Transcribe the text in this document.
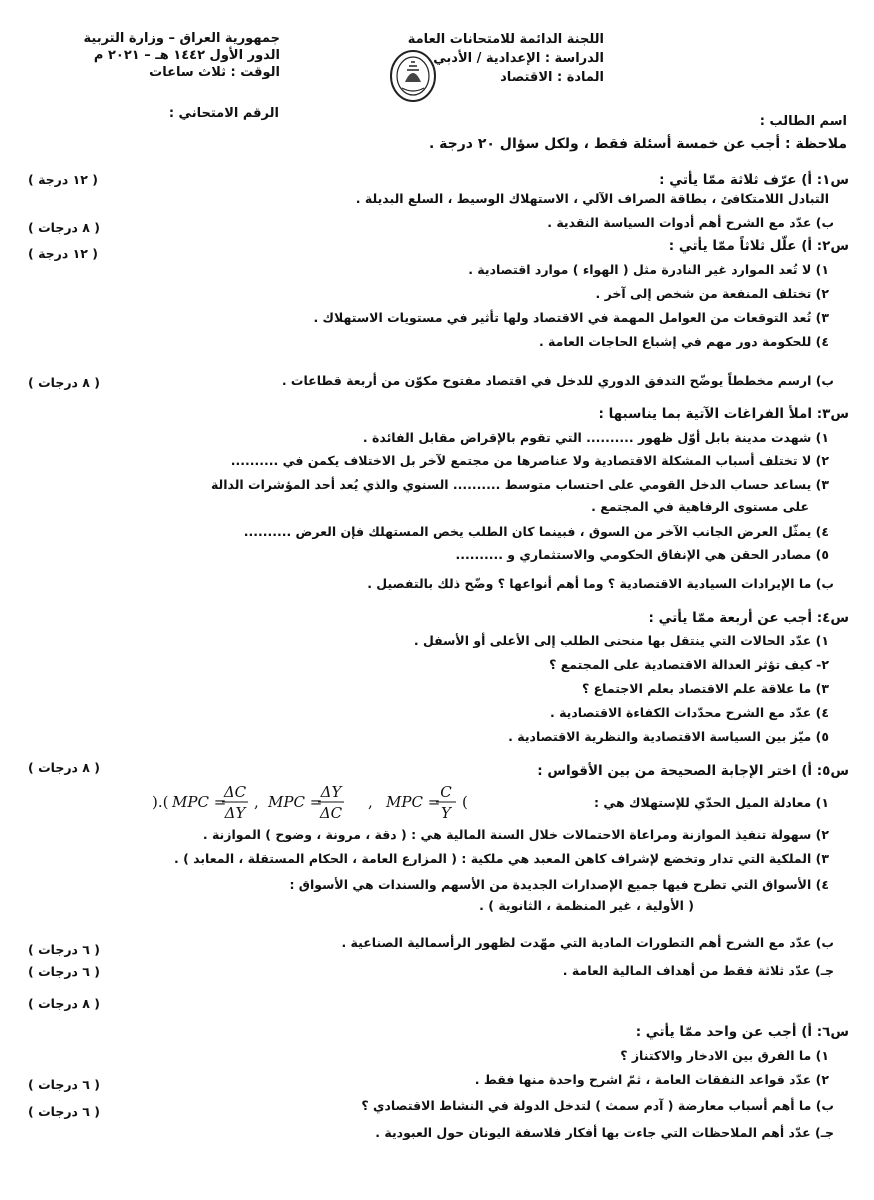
اللجنة الدائمة للامتحانات العامة
الدراسة : الإعدادية / الأدبي
المادة : الاقتصاد
جمهورية العراق – وزارة التربية
الدور الأول ١٤٤٢ هـ – ٢٠٢١ م
الوقت : ثلاث ساعات
الرقم الامتحاني :
اسم الطالب :
ملاحظة : أجب عن خمسة أسئلة فقط ، ولكل سؤال ٢٠ درجة .
س١: أ) عرّف ثلاثة ممّا يأتي :
التبادل اللامتكافئ ، بطاقة الصراف الآلي ، الاستهلاك الوسيط ، السلع البديلة .
ب) عدّد مع الشرح أهم أدوات السياسة النقدية .
س٢: أ) علّل ثلاثاً ممّا يأتي :
١) لا تُعد الموارد غير النادرة مثل ( الهواء ) موارد اقتصادية .
٢) تختلف المنفعة من شخص إلى آخر .
٣) تُعد التوقعات من العوامل المهمة في الاقتصاد ولها تأثير في مستويات الاستهلاك .
٤) للحكومة دور مهم في إشباع الحاجات العامة .
ب) ارسم مخططاً يوضّح التدفق الدوري للدخل في اقتصاد مفتوح مكوّن من أربعة قطاعات .
س٣: املأ الفراغات الآتية بما يناسبها :
١) شهدت مدينة بابل أوّل ظهور .......... التي تقوم بالإقراض مقابل الفائدة .
٢) لا تختلف أسباب المشكلة الاقتصادية ولا عناصرها من مجتمع لآخر بل الاختلاف يكمن في ..........
٣) يساعد حساب الدخل القومي على احتساب متوسط .......... السنوي والذي يُعد أحد المؤشرات الدالة
على مستوى الرفاهية في المجتمع .
٤) يمثّل العرض الجانب الآخر من السوق ، فبينما كان الطلب يخص المستهلك فإن العرض ..........
٥) مصادر الحقن هي الإنفاق الحكومي والاستثماري و ..........
ب) ما الإيرادات السيادية الاقتصادية ؟ وما أهم أنواعها ؟ وضّح ذلك بالتفصيل .
س٤: أجب عن أربعة ممّا يأتي :
١) عدّد الحالات التي ينتقل بها منحنى الطلب إلى الأعلى أو الأسفل .
٢- كيف تؤثر العدالة الاقتصادية على المجتمع ؟
٣) ما علاقة علم الاقتصاد بعلم الاجتماع ؟
٤) عدّد مع الشرح محدّدات الكفاءة الاقتصادية .
٥) ميّز بين السياسة الاقتصادية والنظرية الاقتصادية .
س٥: أ) اختر الإجابة الصحيحة من بين الأقواس :
١) معادلة الميل الحدّي للإستهلاك هي :
).( MPC =
ΔC
ΔY
, MPC =
ΔY
ΔC
, MPC =
C
Y
(
٢) سهولة تنفيذ الموازنة ومراعاة الاحتمالات خلال السنة المالية هي : ( دقة ، مرونة ، وضوح ) الموازنة .
٣) الملكية التي تدار وتخضع لإشراف كاهن المعبد هي ملكية : ( المزارع العامة ، الحكام المستقلة ، المعابد ) .
٤) الأسواق التي تطرح فيها جميع الإصدارات الجديدة من الأسهم والسندات هي الأسواق :
( الأولية ، غير المنظمة ، الثانوية ) .
ب) عدّد مع الشرح أهم التطورات المادية التي مهّدت لظهور الرأسمالية الصناعية .
جـ) عدّد ثلاثة فقط من أهداف المالية العامة .
س٦: أ) أجب عن واحد ممّا يأتي :
١) ما الفرق بين الادخار والاكتناز ؟
٢) عدّد قواعد النفقات العامة ، ثمّ اشرح واحدة منها فقط .
ب) ما أهم أسباب معارضة ( آدم سمث ) لتدخل الدولة في النشاط الاقتصادي ؟
جـ) عدّد أهم الملاحظات التي جاءت بها أفكار فلاسفة اليونان حول العبودية .
( ١٢ درجة )
( ٨ درجات )
( ١٢ درجة )
( ٨ درجات )
( ٨ درجات )
( ٦ درجات )
( ٦ درجات )
( ٨ درجات )
( ٦ درجات )
( ٦ درجات )
